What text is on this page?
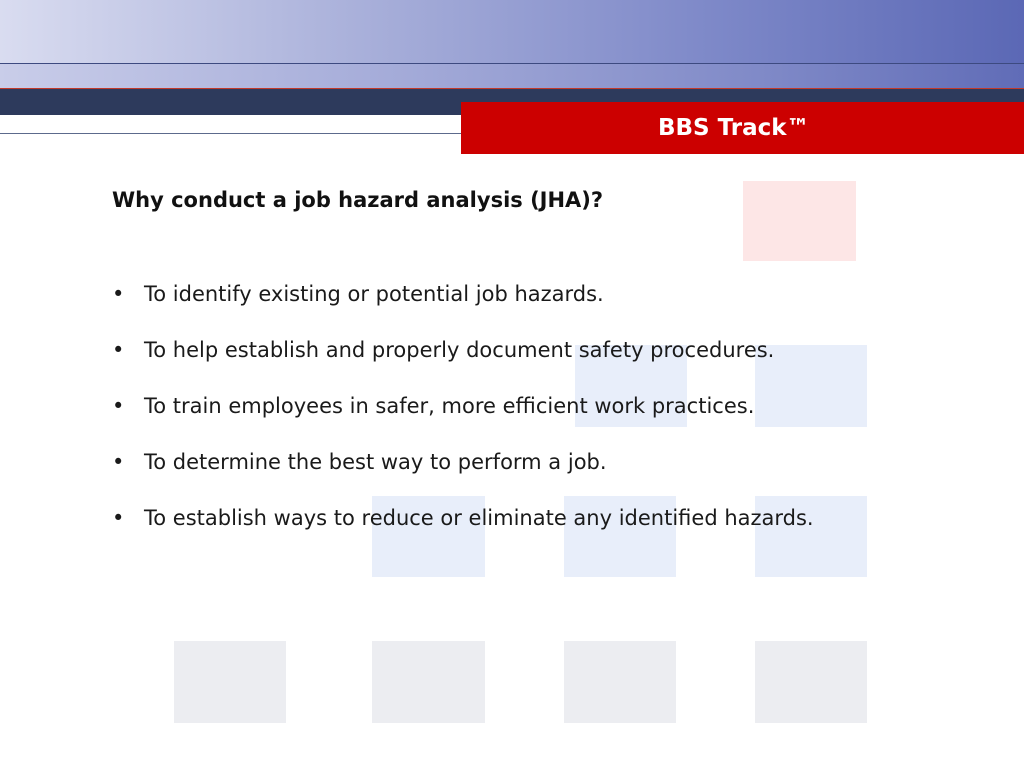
BBS Track™
Why conduct a job hazard analysis (JHA)?
• To identify existing or potential job hazards.
• To help establish and properly document safety procedures.
• To train employees in safer, more efficient work practices.
• To determine the best way to perform a job.
• To establish ways to reduce or eliminate any identified hazards.
